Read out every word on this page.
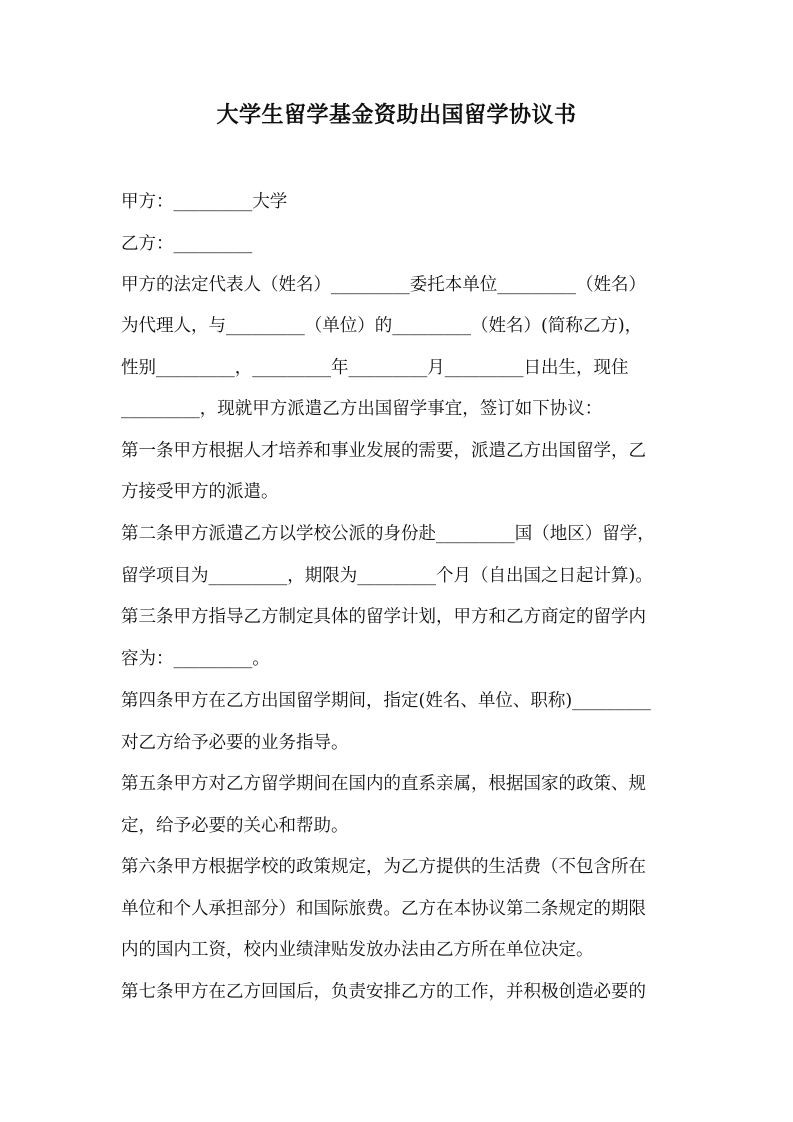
大学生留学基金资助出国留学协议书
甲方：_________大学
乙方：_________
甲方的法定代表人（姓名）_________委托本单位_________（姓名）
为代理人，与_________（单位）的_________（姓名）(简称乙方)，
性别_________，_________年_________月_________日出生，现住
_________，现就甲方派遣乙方出国留学事宜，签订如下协议：
第一条甲方根据人才培养和事业发展的需要，派遣乙方出国留学，乙
方接受甲方的派遣。
第二条甲方派遣乙方以学校公派的身份赴_________国（地区）留学，
留学项目为_________，期限为_________个月（自出国之日起计算)。
第三条甲方指导乙方制定具体的留学计划，甲方和乙方商定的留学内
容为：_________。
第四条甲方在乙方出国留学期间，指定(姓名、单位、职称)_________
对乙方给予必要的业务指导。
第五条甲方对乙方留学期间在国内的直系亲属，根据国家的政策、规
定，给予必要的关心和帮助。
第六条甲方根据学校的政策规定，为乙方提供的生活费（不包含所在
单位和个人承担部分）和国际旅费。乙方在本协议第二条规定的期限
内的国内工资，校内业绩津贴发放办法由乙方所在单位决定。
第七条甲方在乙方回国后，负责安排乙方的工作，并积极创造必要的
